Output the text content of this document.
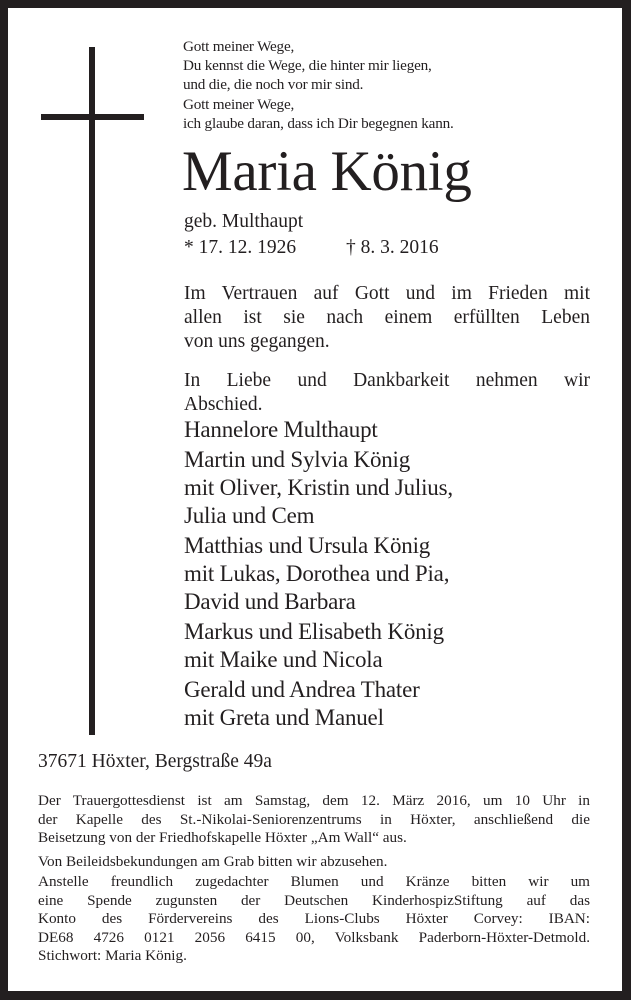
Gott meiner Wege,
Du kennst die Wege, die hinter mir liegen,
und die, die noch vor mir sind.
Gott meiner Wege,
ich glaube daran, dass ich Dir begegnen kann.
Maria König
geb. Multhaupt
* 17. 12. 1926	† 8. 3. 2016
Im Vertrauen auf Gott und im Frieden mit
allen ist sie nach einem erfüllten Leben
von uns gegangen.
In Liebe und Dankbarkeit nehmen wir
Abschied.
Hannelore Multhaupt
Martin und Sylvia König
mit Oliver, Kristin und Julius,
Julia und Cem
Matthias und Ursula König
mit Lukas, Dorothea und Pia,
David und Barbara
Markus und Elisabeth König
mit Maike und Nicola
Gerald und Andrea Thater
mit Greta und Manuel
37671 Höxter, Bergstraße 49a
Der Trauergottesdienst ist am Samstag, dem 12. März 2016, um 10 Uhr in
der Kapelle des St.-Nikolai-Seniorenzentrums in Höxter, anschließend die
Beisetzung von der Friedhofskapelle Höxter „Am Wall“ aus.
Von Beileidsbekundungen am Grab bitten wir abzusehen.
Anstelle freundlich zugedachter Blumen und Kränze bitten wir um
eine Spende zugunsten der Deutschen KinderhospizStiftung auf das
Konto des Fördervereins des Lions-Clubs Höxter Corvey: IBAN:
DE68 4726 0121 2056 6415 00, Volksbank Paderborn-Höxter-Detmold.
Stichwort: Maria König.
